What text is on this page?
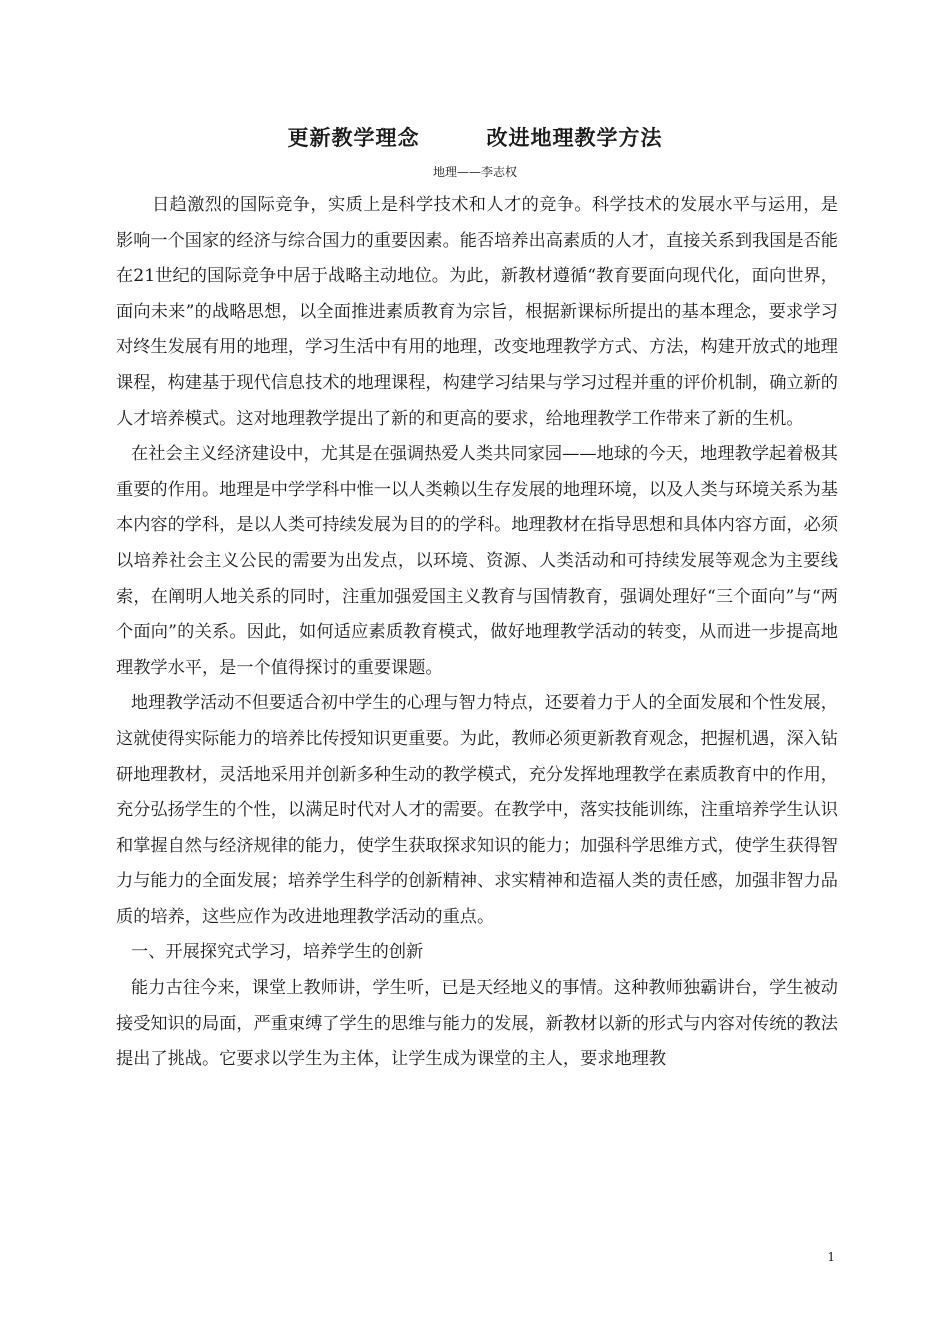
更新教学理念   改进地理教学方法
地理——李志权

日趋激烈的国际竞争，实质上是科学技术和人才的竞争。科学技术的发展水平与运用，是影响一个国家的经济与综合国力的重要因素。能否培养出高素质的人才，直接关系到我国是否能在21世纪的国际竞争中居于战略主动地位。为此，新教材遵循“教育要面向现代化，面向世界，面向未来”的战略思想，以全面推进素质教育为宗旨，根据新课标所提出的基本理念，要求学习对终生发展有用的地理，学习生活中有用的地理，改变地理教学方式、方法，构建开放式的地理课程，构建基于现代信息技术的地理课程，构建学习结果与学习过程并重的评价机制，确立新的人才培养模式。这对地理教学提出了新的和更高的要求，给地理教学工作带来了新的生机。

在社会主义经济建设中，尤其是在强调热爱人类共同家园——地球的今天，地理教学起着极其重要的作用。地理是中学学科中惟一以人类赖以生存发展的地理环境，以及人类与环境关系为基本内容的学科，是以人类可持续发展为目的的学科。地理教材在指导思想和具体内容方面，必须以培养社会主义公民的需要为出发点，以环境、资源、人类活动和可持续发展等观念为主要线索，在阐明人地关系的同时，注重加强爱国主义教育与国情教育，强调处理好“三个面向”与“两个面向”的关系。因此，如何适应素质教育模式，做好地理教学活动的转变，从而进一步提高地理教学水平，是一个值得探讨的重要课题。

地理教学活动不但要适合初中学生的心理与智力特点，还要着力于人的全面发展和个性发展，这就使得实际能力的培养比传授知识更重要。为此，教师必须更新教育观念，把握机遇，深入钻研地理教材，灵活地采用并创新多种生动的教学模式，充分发挥地理教学在素质教育中的作用，充分弘扬学生的个性，以满足时代对人才的需要。在教学中，落实技能训练，注重培养学生认识和掌握自然与经济规律的能力，使学生获取探求知识的能力；加强科学思维方式，使学生获得智力与能力的全面发展；培养学生科学的创新精神、求实精神和造福人类的责任感，加强非智力品质的培养，这些应作为改进地理教学活动的重点。

一、开展探究式学习，培养学生的创新

能力古往今来，课堂上教师讲，学生听，已是天经地义的事情。这种教师独霸讲台，学生被动接受知识的局面，严重束缚了学生的思维与能力的发展，新教材以新的形式与内容对传统的教法提出了挑战。它要求以学生为主体，让学生成为课堂的主人，要求地理教

1
